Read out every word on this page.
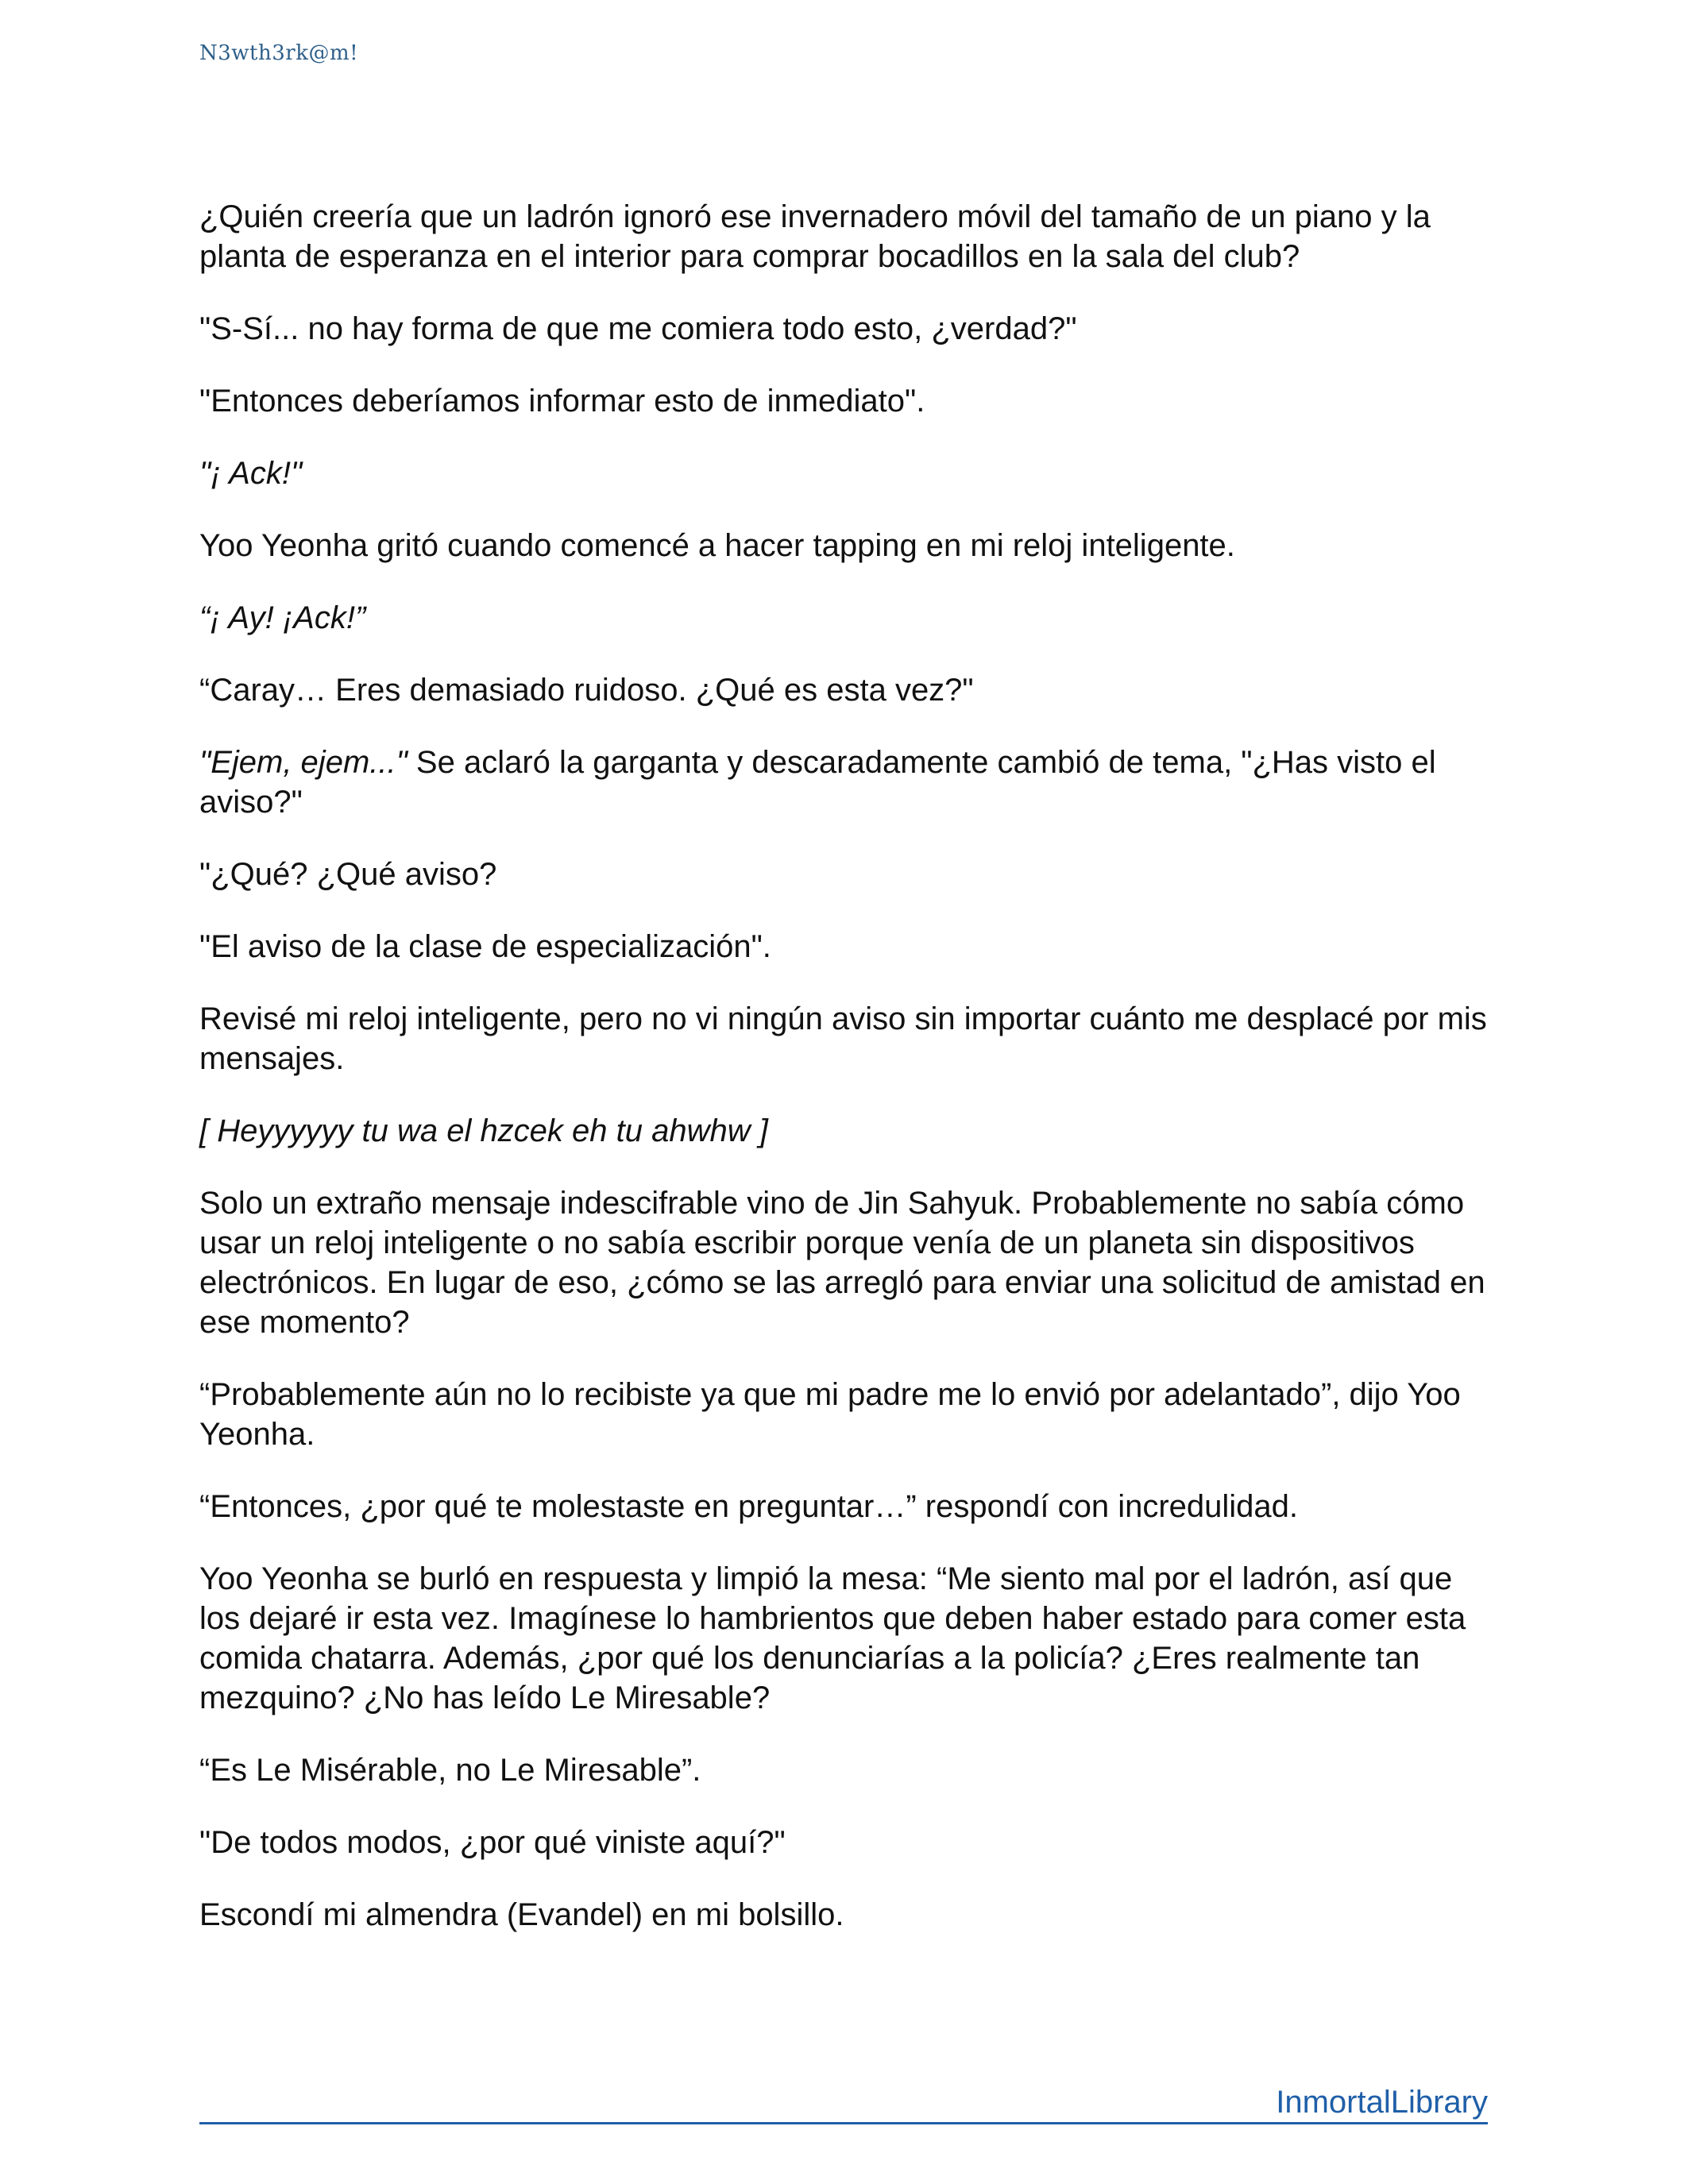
N3wth3rk@m!

¿Quién creería que un ladrón ignoró ese invernadero móvil del tamaño de un piano y la planta de esperanza en el interior para comprar bocadillos en la sala del club?

"S-Sí... no hay forma de que me comiera todo esto, ¿verdad?"

"Entonces deberíamos informar esto de inmediato".

"¡ Ack!"

Yoo Yeonha gritó cuando comencé a hacer tapping en mi reloj inteligente.

“¡ Ay! ¡Ack!”

“Caray… Eres demasiado ruidoso. ¿Qué es esta vez?"

"Ejem, ejem..." Se aclaró la garganta y descaradamente cambió de tema, "¿Has visto el aviso?"

"¿Qué? ¿Qué aviso?

"El aviso de la clase de especialización".

Revisé mi reloj inteligente, pero no vi ningún aviso sin importar cuánto me desplacé por mis mensajes.

[ Heyyyyyy tu wa el hzcek eh tu ahwhw ]

Solo un extraño mensaje indescifrable vino de Jin Sahyuk. Probablemente no sabía cómo usar un reloj inteligente o no sabía escribir porque venía de un planeta sin dispositivos electrónicos. En lugar de eso, ¿cómo se las arregló para enviar una solicitud de amistad en ese momento?

“Probablemente aún no lo recibiste ya que mi padre me lo envió por adelantado”, dijo Yoo Yeonha.

“Entonces, ¿por qué te molestaste en preguntar…” respondí con incredulidad.

Yoo Yeonha se burló en respuesta y limpió la mesa: “Me siento mal por el ladrón, así que los dejaré ir esta vez. Imagínese lo hambrientos que deben haber estado para comer esta comida chatarra. Además, ¿por qué los denunciarías a la policía? ¿Eres realmente tan mezquino? ¿No has leído Le Miresable?

“Es Le Misérable, no Le Miresable”.

"De todos modos, ¿por qué viniste aquí?"

Escondí mi almendra (Evandel) en mi bolsillo.

InmortalLibrary
